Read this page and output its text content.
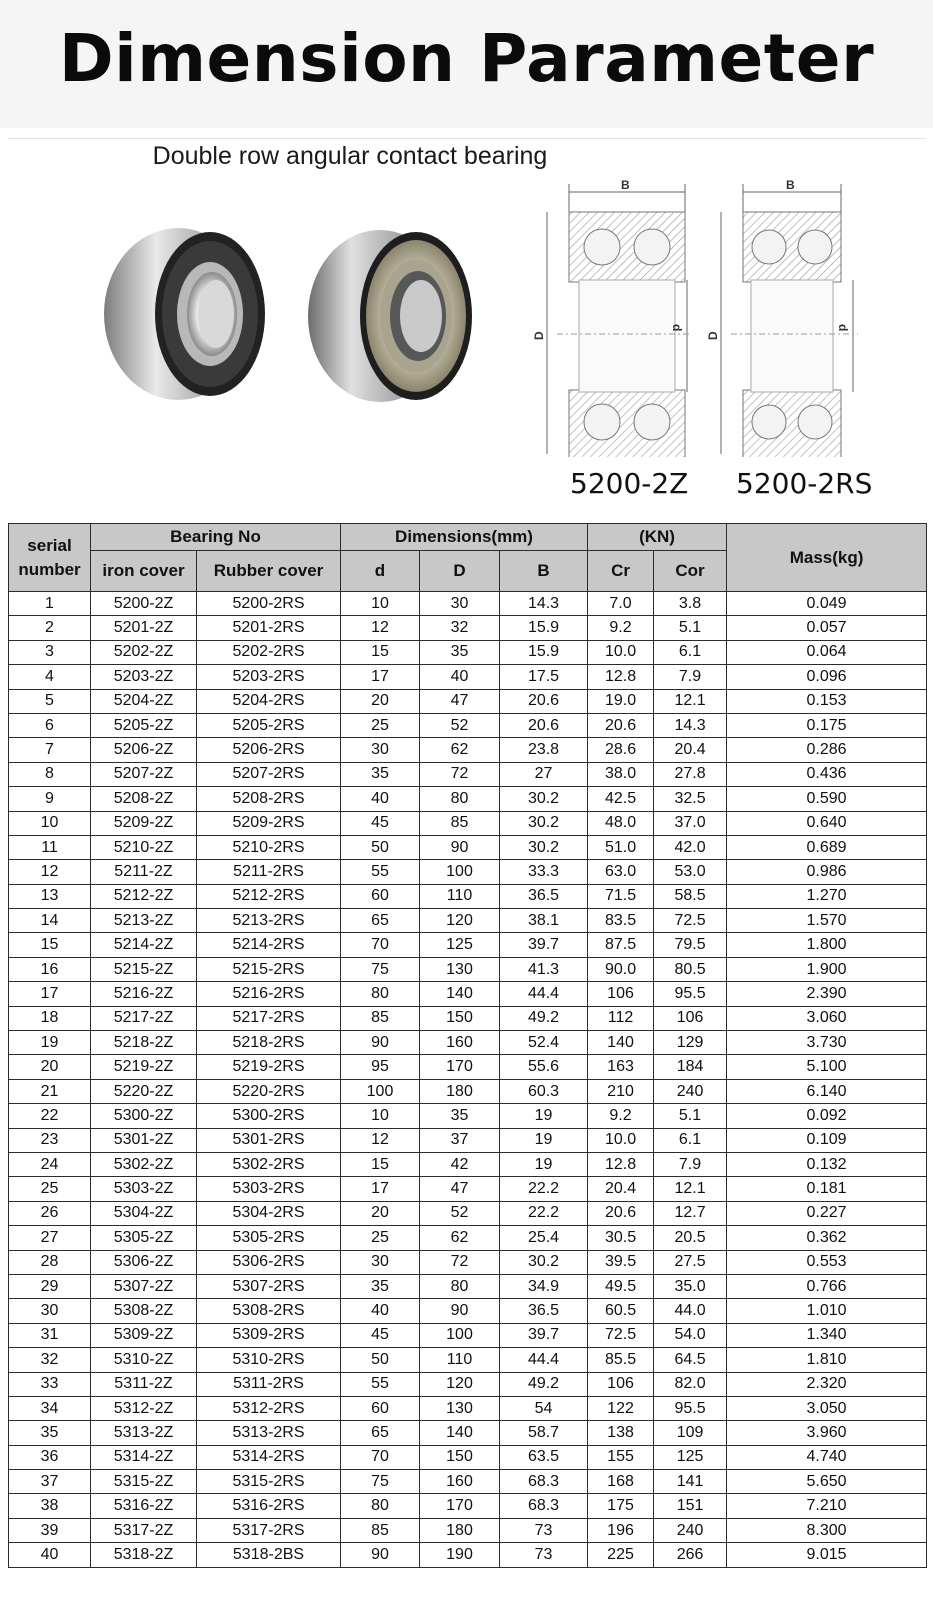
Dimension Parameter
Double row angular contact bearing
B
D
d
B
D
d
5200-2Z 5200-2RS
serial number	Bearing No		Dimensions(mm)			(KN)		Mass(kg)
	iron cover	Rubber cover	d	D	B	Cr	Cor	
1	5200-2Z	5200-2RS	10	30	14.3	7.0	3.8	0.049
2	5201-2Z	5201-2RS	12	32	15.9	9.2	5.1	0.057
3	5202-2Z	5202-2RS	15	35	15.9	10.0	6.1	0.064
4	5203-2Z	5203-2RS	17	40	17.5	12.8	7.9	0.096
5	5204-2Z	5204-2RS	20	47	20.6	19.0	12.1	0.153
6	5205-2Z	5205-2RS	25	52	20.6	20.6	14.3	0.175
7	5206-2Z	5206-2RS	30	62	23.8	28.6	20.4	0.286
8	5207-2Z	5207-2RS	35	72	27	38.0	27.8	0.436
9	5208-2Z	5208-2RS	40	80	30.2	42.5	32.5	0.590
10	5209-2Z	5209-2RS	45	85	30.2	48.0	37.0	0.640
11	5210-2Z	5210-2RS	50	90	30.2	51.0	42.0	0.689
12	5211-2Z	5211-2RS	55	100	33.3	63.0	53.0	0.986
13	5212-2Z	5212-2RS	60	110	36.5	71.5	58.5	1.270
14	5213-2Z	5213-2RS	65	120	38.1	83.5	72.5	1.570
15	5214-2Z	5214-2RS	70	125	39.7	87.5	79.5	1.800
16	5215-2Z	5215-2RS	75	130	41.3	90.0	80.5	1.900
17	5216-2Z	5216-2RS	80	140	44.4	106	95.5	2.390
18	5217-2Z	5217-2RS	85	150	49.2	112	106	3.060
19	5218-2Z	5218-2RS	90	160	52.4	140	129	3.730
20	5219-2Z	5219-2RS	95	170	55.6	163	184	5.100
21	5220-2Z	5220-2RS	100	180	60.3	210	240	6.140
22	5300-2Z	5300-2RS	10	35	19	9.2	5.1	0.092
23	5301-2Z	5301-2RS	12	37	19	10.0	6.1	0.109
24	5302-2Z	5302-2RS	15	42	19	12.8	7.9	0.132
25	5303-2Z	5303-2RS	17	47	22.2	20.4	12.1	0.181
26	5304-2Z	5304-2RS	20	52	22.2	20.6	12.7	0.227
27	5305-2Z	5305-2RS	25	62	25.4	30.5	20.5	0.362
28	5306-2Z	5306-2RS	30	72	30.2	39.5	27.5	0.553
29	5307-2Z	5307-2RS	35	80	34.9	49.5	35.0	0.766
30	5308-2Z	5308-2RS	40	90	36.5	60.5	44.0	1.010
31	5309-2Z	5309-2RS	45	100	39.7	72.5	54.0	1.340
32	5310-2Z	5310-2RS	50	110	44.4	85.5	64.5	1.810
33	5311-2Z	5311-2RS	55	120	49.2	106	82.0	2.320
34	5312-2Z	5312-2RS	60	130	54	122	95.5	3.050
35	5313-2Z	5313-2RS	65	140	58.7	138	109	3.960
36	5314-2Z	5314-2RS	70	150	63.5	155	125	4.740
37	5315-2Z	5315-2RS	75	160	68.3	168	141	5.650
38	5316-2Z	5316-2RS	80	170	68.3	175	151	7.210
39	5317-2Z	5317-2RS	85	180	73	196	240	8.300
40	5318-2Z	5318-2BS	90	190	73	225	266	9.015
